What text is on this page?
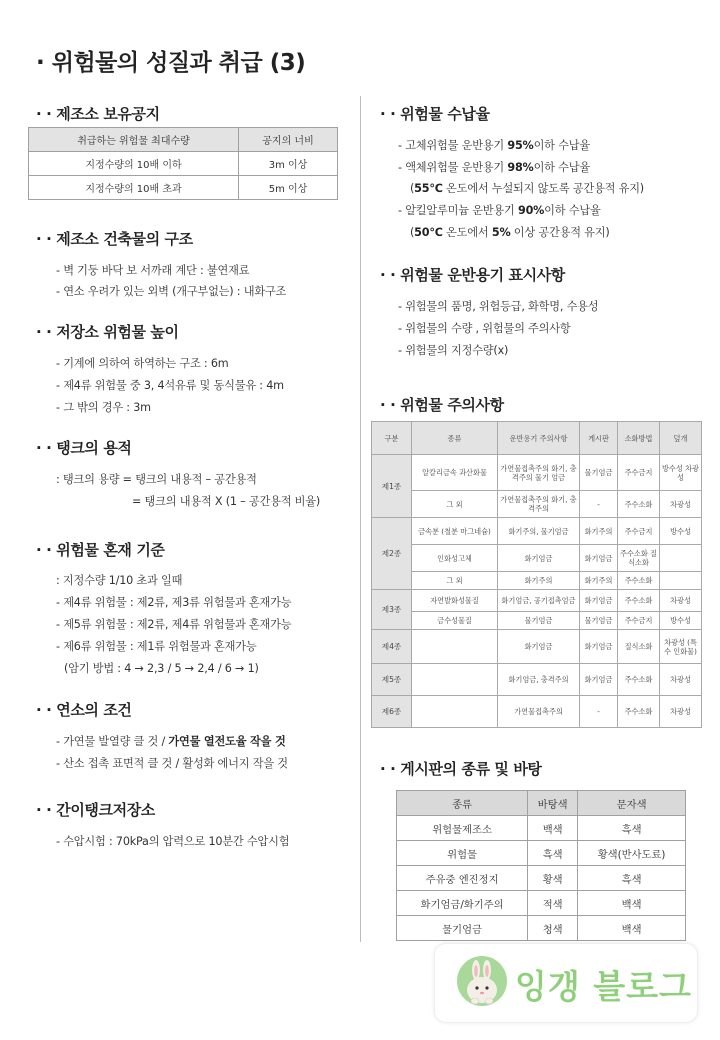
· 위험물의 성질과 취급 (3)
· · 제조소 보유공지
취급하는 위험물 최대수량	공지의 너비
지정수량의 10배 이하	3m 이상
지정수량의 10배 초과	5m 이상
· · 제조소 건축물의 구조
- 벽 기둥 바닥 보 서까래 계단 : 불연재료
- 연소 우려가 있는 외벽 (개구부없는) : 내화구조
· · 저장소 위험물 높이
- 기계에 의하여 하역하는 구조 : 6m
- 제4류 위험물 중 3, 4석유류 및 동식물유 : 4m
- 그 밖의 경우 : 3m
· · 탱크의 용적
: 탱크의 용량 = 탱크의 내용적 – 공간용적
= 탱크의 내용적 X (1 – 공간용적 비율)
· · 위험물 혼재 기준
: 지정수량 1/10 초과 일때
- 제4류 위험물 : 제2류, 제3류 위험물과 혼재가능
- 제5류 위험물 : 제2류, 제4류 위험물과 혼재가능
- 제6류 위험물 : 제1류 위험물과 혼재가능
(암기 방법 : 4 → 2,3 / 5 → 2,4 / 6 → 1)
· · 연소의 조건
- 가연물 발열량 클 것 / 가연물 열전도율 작을 것
- 산소 접촉 표면적 클 것 / 활성화 에너지 작을 것
· · 간이탱크저장소
- 수압시험 : 70kPa의 압력으로 10분간 수압시험
· · 위험물 수납율
- 고체위험물 운반용기 95%이하 수납율
- 액체위험물 운반용기 98%이하 수납율
(55℃ 온도에서 누설되지 않도록 공간용적 유지)
- 알킬알루미늄 운반용기 90%이하 수납율
(50℃ 온도에서 5% 이상 공간용적 유지)
· · 위험물 운반용기 표시사항
- 위험물의 품명, 위험등급, 화학명, 수용성
- 위험물의 수량 , 위험물의 주의사항
- 위험물의 지정수량(x)
· · 위험물 주의사항
구분	종류	운반용기 주의사항	게시판	소화방법	덮개
제1종	알칼리금속 과산화물	가연물접촉주의 화기, 충격주의 물기 엄금	물기엄금	주수금지	방수성 차광성
	그 외	가연물접촉주의 화기, 충격주의	-	주수소화	차광성
제2종	금속분 (철분 마그네슘)	화기주의, 물기엄금	화기주의	주수금지	방수성
	인화성고체	화기엄금	화기엄금	주수소화 질식소화	
	그 외	화기주의	화기주의	주수소화	
제3종	자연발화성물질	화기엄금, 공기접촉엄금	화기엄금	주수소화	차광성
	금수성물질	물기엄금	물기엄금	주수금지	방수성
제4종		화기엄금	화기엄금	질식소화	차광성 (특수 인화물)
제5종		화기엄금, 충격주의	화기엄금	주수소화	차광성
제6종		가연물접촉주의	-	주수소화	차광성
· · 게시판의 종류 및 바탕
종류	바탕색	문자색
위험물제조소	백색	흑색
위험물	흑색	황색(반사도료)
주유중 엔진정지	황색	흑색
화기엄금/화기주의	적색	백색
물기엄금	청색	백색
잉갱 블로그
